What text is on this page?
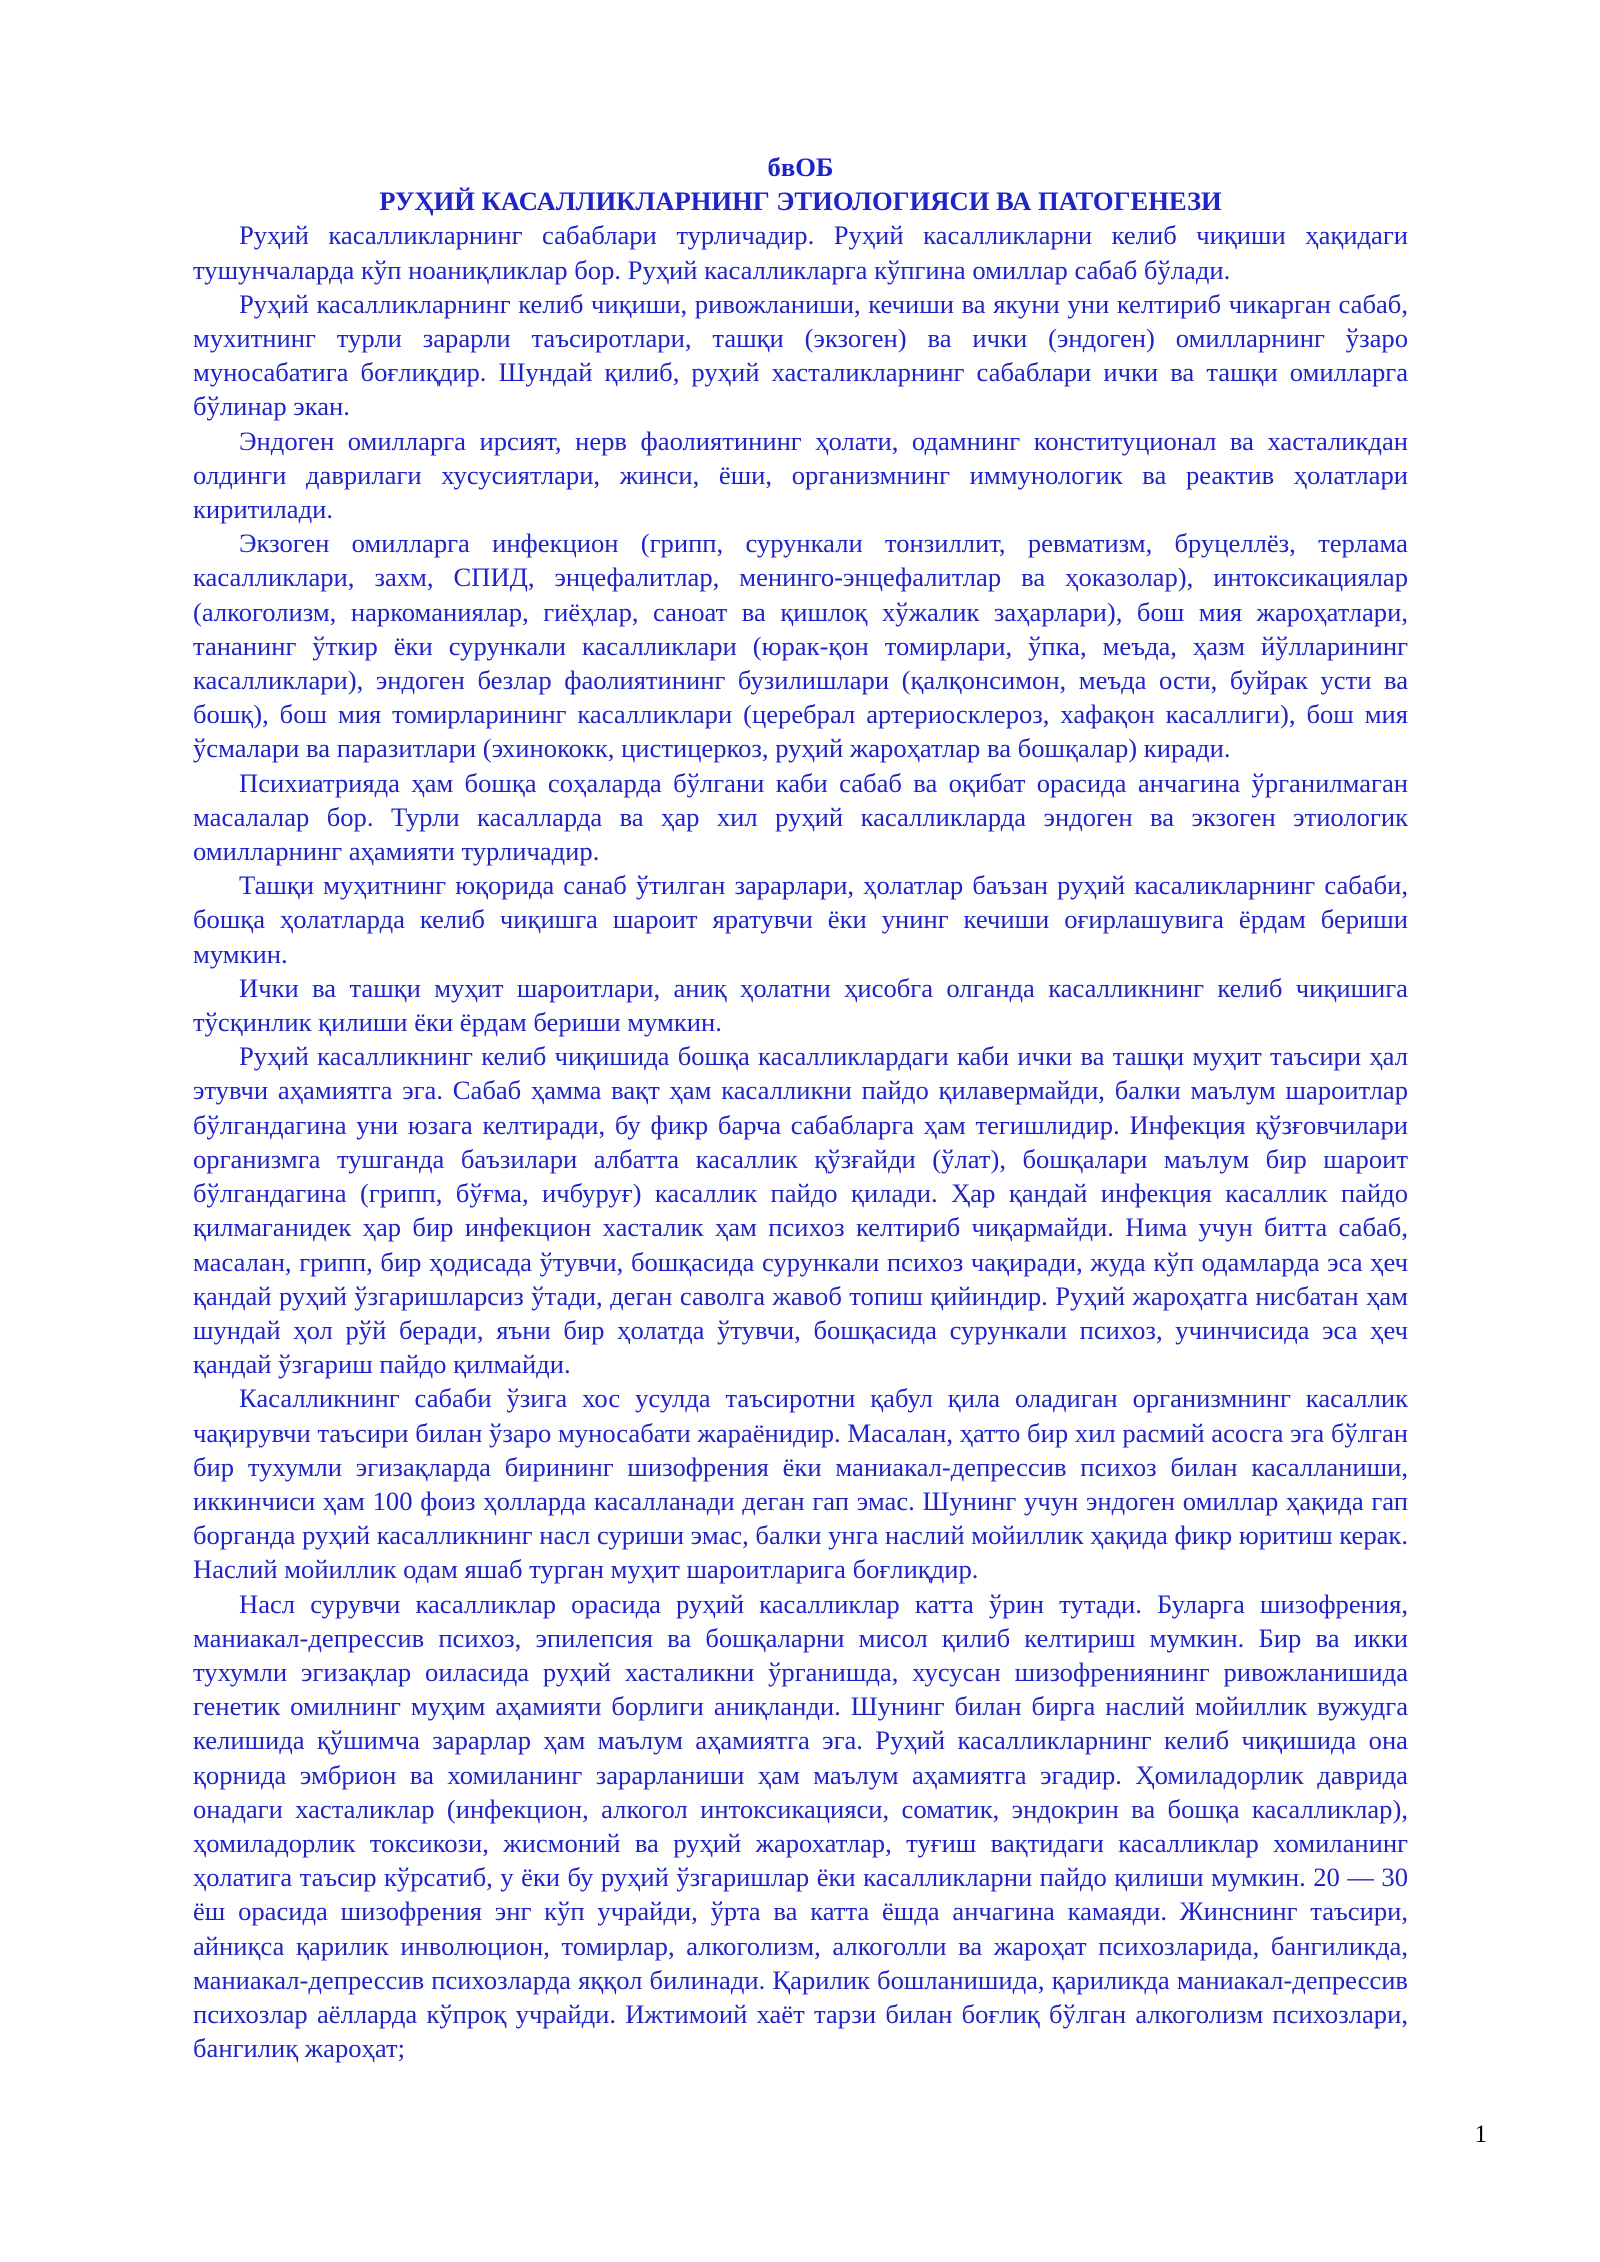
бвОБ

РУҲИЙ КАСАЛЛИКЛАРНИНГ ЭТИОЛОГИЯСИ ВА ПАТОГЕНЕЗИ

Руҳий касалликларнинг сабаблари турличадир. Руҳий касалликларни келиб чиқиши ҳақидаги тушунчаларда кўп ноаниқликлар бор. Руҳий касалликларга кўпгина омиллар сабаб бўлади.

Руҳий касалликларнинг келиб чиқиши, ривожланиши, кечиши ва якуни уни келтириб чикарган сабаб, мухитнинг турли зарарли таъсиротлари, ташқи (экзоген) ва ички (эндоген) омилларнинг ўзаро муносабатига боғлиқдир. Шундай қилиб, руҳий хасталикларнинг сабаблари ички ва ташқи омилларга бўлинар экан.

Эндоген омилларга ирсият, нерв фаолиятининг ҳолати, одамнинг конституционал ва хасталикдан олдинги даврилаги хусусиятлари, жинси, ёши, организмнинг иммунологик ва реактив ҳолатлари киритилади.

Экзоген омилларга инфекцион (грипп, сурункали тонзиллит, ревматизм, бруцеллёз, терлама касалликлари, захм, СПИД, энцефалитлар, менинго-энцефалитлар ва ҳоказолар), интоксикациялар (алкоголизм, наркоманиялар, гиёҳлар, саноат ва қишлоқ хўжалик заҳарлари), бош мия жароҳатлари, тананинг ўткир ёки сурункали касалликлари (юрак-қон томирлари, ўпка, меъда, ҳазм йўлларининг касалликлари), эндоген безлар фаолиятининг бузилишлари (қалқонсимон, меъда ости, буйрак усти ва бошқ), бош мия томирларининг касалликлари (церебрал артериосклероз, хафақон касаллиги), бош мия ўсмалари ва паразитлари (эхинококк, цистицеркоз, руҳий жароҳатлар ва бошқалар) киради.

Психиатрияда ҳам бошқа соҳаларда бўлгани каби сабаб ва оқибат орасида анчагина ўрганилмаган масалалар бор. Турли касалларда ва ҳар хил руҳий касалликларда эндоген ва экзоген этиологик омилларнинг аҳамияти турличадир.

Ташқи муҳитнинг юқорида санаб ўтилган зарарлари, ҳолатлар баъзан руҳий касаликларнинг сабаби, бошқа ҳолатларда келиб чиқишга шароит яратувчи ёки унинг кечиши оғирлашувига ёрдам бериши мумкин.

Ички ва ташқи муҳит шароитлари, аниқ ҳолатни ҳисобга олганда касалликнинг келиб чиқишига тўсқинлик қилиши ёки ёрдам бериши мумкин.

Руҳий касалликнинг келиб чиқишида бошқа касалликлардаги каби ички ва ташқи муҳит таъсири ҳал этувчи аҳамиятга эга. Сабаб ҳамма вақт ҳам касалликни пайдо қилавермайди, балки маълум шароитлар бўлгандагина уни юзага келтиради, бу фикр барча сабабларга ҳам тегишлидир. Инфекция қўзғовчилари организмга тушганда баъзилари албатта касаллик қўзғайди (ўлат), бошқалари маълум бир шароит бўлгандагина (грипп, бўғма, ичбуруғ) касаллик пайдо қилади. Ҳар қандай инфекция касаллик пайдо қилмаганидек ҳар бир инфекцион хасталик ҳам психоз келтириб чиқармайди. Нима учун битта сабаб, масалан, грипп, бир ҳодисада ўтувчи, бошқасида сурункали психоз чақиради, жуда кўп одамларда эса ҳеч қандай руҳий ўзгаришларсиз ўтади, деган саволга жавоб топиш қийиндир. Руҳий жароҳатга нисбатан ҳам шундай ҳол рўй беради, яъни бир ҳолатда ўтувчи, бошқасида сурункали психоз, учинчисида эса ҳеч қандай ўзгариш пайдо қилмайди.

Касалликнинг сабаби ўзига хос усулда таъсиротни қабул қила оладиган организмнинг касаллик чақирувчи таъсири билан ўзаро муносабати жараёнидир. Масалан, ҳатто бир хил расмий асосга эга бўлган бир тухумли эгизақларда бирининг шизофрения ёки маниакал-депрессив психоз билан касалланиши, иккинчиси ҳам 100 фоиз ҳолларда касалланади деган гап эмас. Шунинг учун эндоген омиллар ҳақида гап борганда руҳий касалликнинг насл суриши эмас, балки унга наслий мойиллик ҳақида фикр юритиш керак. Наслий мойиллик одам яшаб турган муҳит шароитларига боғлиқдир.

Насл сурувчи касалликлар орасида руҳий касалликлар катта ўрин тутади. Буларга шизофрения, маниакал-депрессив психоз, эпилепсия ва бошқаларни мисол қилиб келтириш мумкин. Бир ва икки тухумли эгизақлар оиласида руҳий хасталикни ўрганишда, хусусан шизофрениянинг ривожланишида генетик омилнинг муҳим аҳамияти борлиги аниқланди. Шунинг билан бирга наслий мойиллик вужудга келишида қўшимча зарарлар ҳам маълум аҳамиятга эга. Руҳий касалликларнинг келиб чиқишида она қорнида эмбрион ва хомиланинг зарарланиши ҳам маълум аҳамиятга эгадир. Ҳомиладорлик даврида онадаги хасталиклар (инфекцион, алкогол интоксикацияси, соматик, эндокрин ва бошқа касалликлар), ҳомиладорлик токсикози, жисмоний ва руҳий жарохатлар, туғиш вақтидаги касалликлар хомиланинг ҳолатига таъсир кўрсатиб, у ёки бу руҳий ўзгаришлар ёки касалликларни пайдо қилиши мумкин. 20 — 30 ёш орасида шизофрения энг кўп учрайди, ўрта ва катта ёшда анчагина камаяди. Жинснинг таъсири, айниқса қарилик инволюцион, томирлар, алкоголизм, алкоголли ва жароҳат психозларида, бангиликда, маниакал-депрессив психозларда яққол билинади. Қарилик бошланишида, қариликда маниакал-депрессив психозлар аёлларда кўпроқ учрайди. Ижтимоий хаёт тарзи билан боғлиқ бўлган алкоголизм психозлари, бангилиқ жароҳат;

1
